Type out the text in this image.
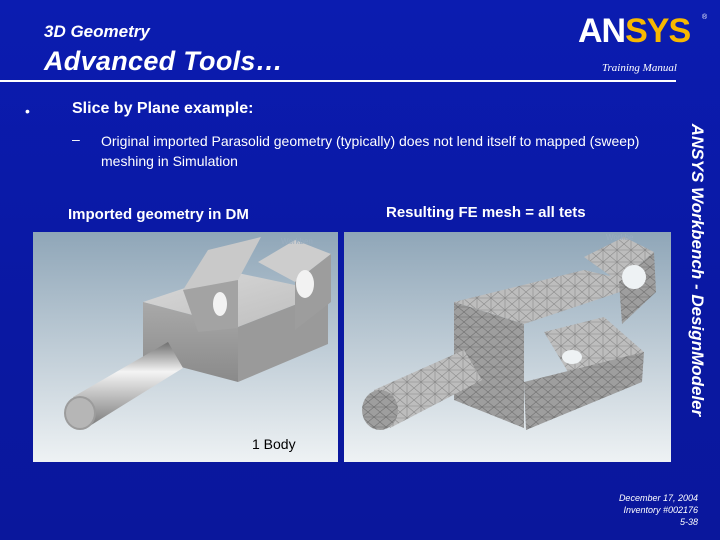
3D Geometry
Advanced Tools…
ANSYS	®
Training Manual
ANSYS Workbench - DesignModeler
•	Slice by Plane example:
– Original imported Parasolid geometry (typically) does not lend itself to mapped (sweep) meshing in Simulation
Imported geometry in DM	Resulting FE mesh = all tets
Workben
1 Body
Workbe
December 17, 2004
Inventory #002176
5-38
